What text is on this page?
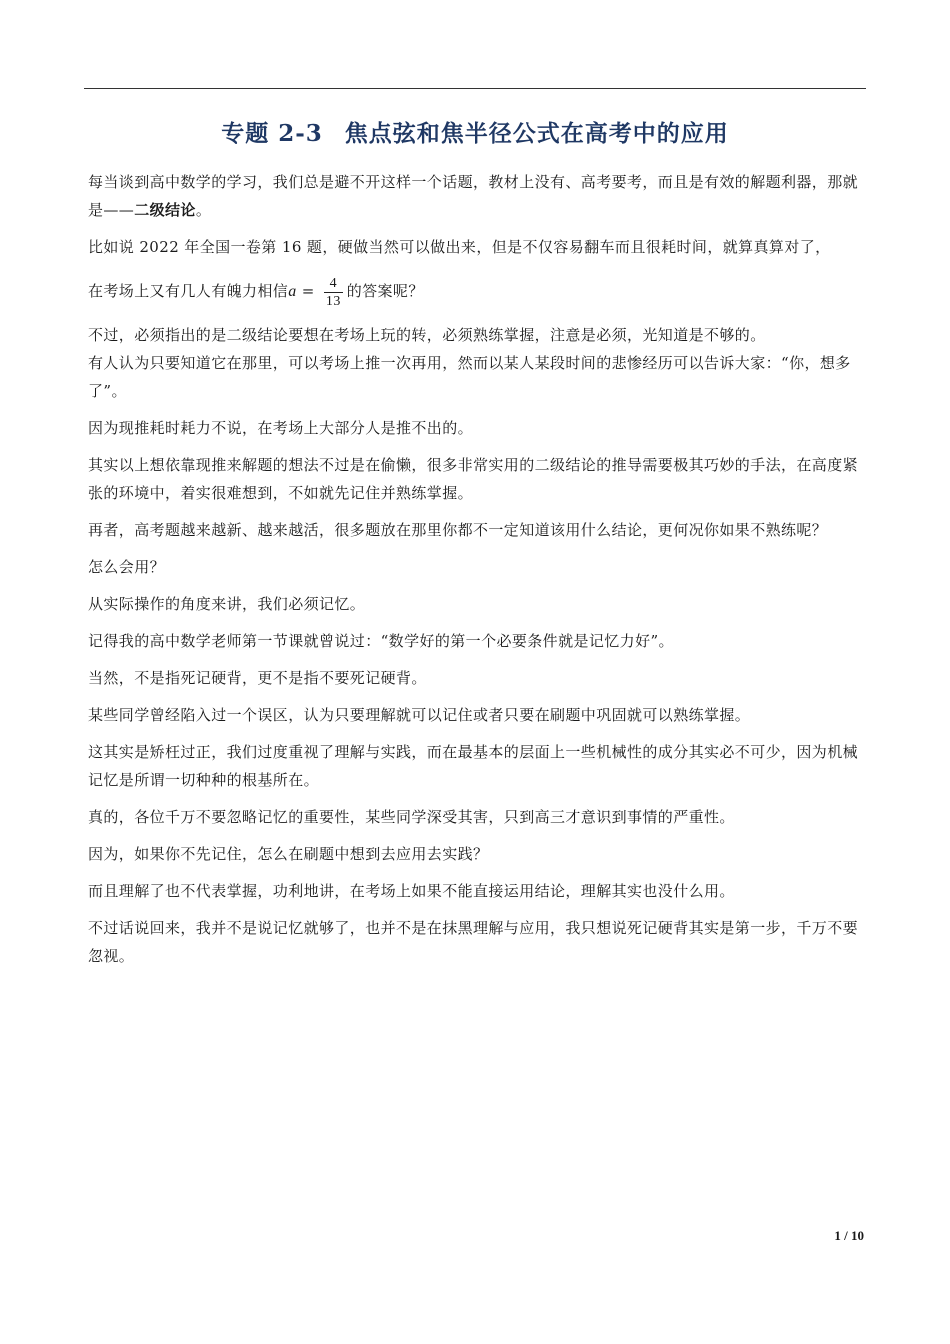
专题 2-3 焦点弦和焦半径公式在高考中的应用

每当谈到高中数学的学习，我们总是避不开这样一个话题，教材上没有、高考要考，而且是有效的解题利器，那就是——二级结论。

比如说 2022 年全国一卷第 16 题，硬做当然可以做出来，但是不仅容易翻车而且很耗时间，就算真算对了，

在考场上又有几人有魄力相信$a = \frac{4}{13}$ 的答案呢？

不过，必须指出的是二级结论要想在考场上玩的转，必须熟练掌握，注意是必须，光知道是不够的。

有人认为只要知道它在那里，可以考场上推一次再用，然而以某人某段时间的悲惨经历可以告诉大家：“你，想多了”。

因为现推耗时耗力不说，在考场上大部分人是推不出的。

其实以上想依靠现推来解题的想法不过是在偷懒，很多非常实用的二级结论的推导需要极其巧妙的手法，在高度紧张的环境中，着实很难想到，不如就先记住并熟练掌握。

再者，高考题越来越新、越来越活，很多题放在那里你都不一定知道该用什么结论，更何况你如果不熟练呢？

怎么会用？

从实际操作的角度来讲，我们必须记忆。

记得我的高中数学老师第一节课就曾说过：“数学好的第一个必要条件就是记忆力好”。

当然，不是指死记硬背，更不是指不要死记硬背。

某些同学曾经陷入过一个误区，认为只要理解就可以记住或者只要在刷题中巩固就可以熟练掌握。

这其实是矫枉过正，我们过度重视了理解与实践，而在最基本的层面上一些机械性的成分其实必不可少，因为机械记忆是所谓一切种种的根基所在。

真的，各位千万不要忽略记忆的重要性，某些同学深受其害，只到高三才意识到事情的严重性。

因为，如果你不先记住，怎么在刷题中想到去应用去实践？

而且理解了也不代表掌握，功利地讲，在考场上如果不能直接运用结论，理解其实也没什么用。

不过话说回来，我并不是说记忆就够了，也并不是在抹黑理解与应用，我只想说死记硬背其实是第一步，千万不要忽视。

1 / 10
